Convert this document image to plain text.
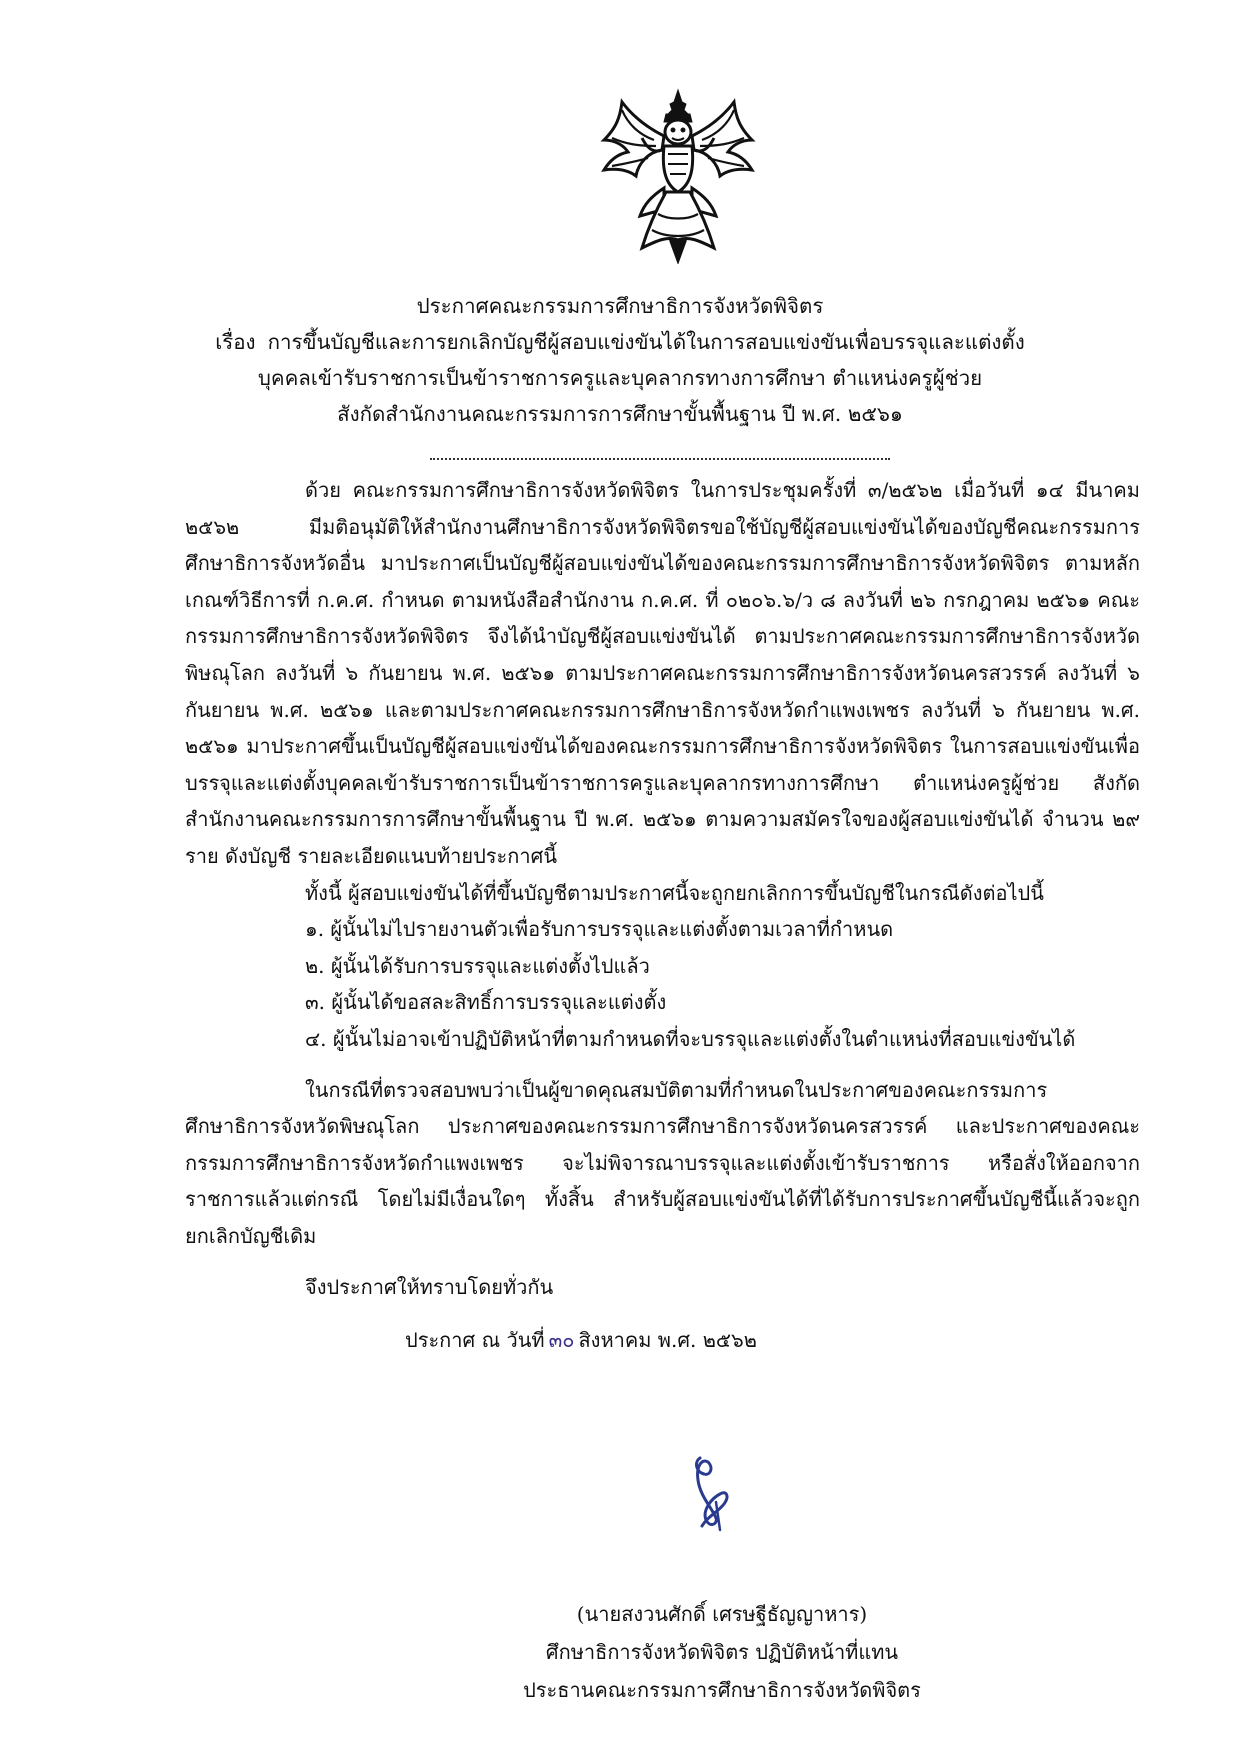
ประกาศคณะกรรมการศึกษาธิการจังหวัดพิจิตร
เรื่อง การขึ้นบัญชีและการยกเลิกบัญชีผู้สอบแข่งขันได้ในการสอบแข่งขันเพื่อบรรจุและแต่งตั้ง
บุคคลเข้ารับราชการเป็นข้าราชการครูและบุคลากรทางการศึกษา ตำแหน่งครูผู้ช่วย
สังกัดสำนักงานคณะกรรมการการศึกษาขั้นพื้นฐาน ปี พ.ศ. ๒๕๖๑

ด้วย คณะกรรมการศึกษาธิการจังหวัดพิจิตร ในการประชุมครั้งที่ ๓/๒๕๖๒ เมื่อวันที่ ๑๔ มีนาคม ๒๕๖๒ มีมติอนุมัติให้สำนักงานศึกษาธิการจังหวัดพิจิตรขอใช้บัญชีผู้สอบแข่งขันได้ของบัญชีคณะกรรมการศึกษาธิการจังหวัดอื่น มาประกาศเป็นบัญชีผู้สอบแข่งขันได้ของคณะกรรมการศึกษาธิการจังหวัดพิจิตร ตามหลักเกณฑ์วิธีการที่ ก.ค.ศ. กำหนด ตามหนังสือสำนักงาน ก.ค.ศ. ที่ ๐๒๐๖.๖/ว ๘ ลงวันที่ ๒๖ กรกฎาคม ๒๕๖๑ คณะกรรมการศึกษาธิการจังหวัดพิจิตร จึงได้นำบัญชีผู้สอบแข่งขันได้ ตามประกาศคณะกรรมการศึกษาธิการจังหวัดพิษณุโลก ลงวันที่ ๖ กันยายน พ.ศ. ๒๕๖๑ ตามประกาศคณะกรรมการศึกษาธิการจังหวัดนครสวรรค์ ลงวันที่ ๖ กันยายน พ.ศ. ๒๕๖๑ และตามประกาศคณะกรรมการศึกษาธิการจังหวัดกำแพงเพชร ลงวันที่ ๖ กันยายน พ.ศ. ๒๕๖๑ มาประกาศขึ้นเป็นบัญชีผู้สอบแข่งขันได้ของคณะกรรมการศึกษาธิการจังหวัดพิจิตร ในการสอบแข่งขันเพื่อบรรจุและแต่งตั้งบุคคลเข้ารับราชการเป็นข้าราชการครูและบุคลากรทางการศึกษา ตำแหน่งครูผู้ช่วย สังกัดสำนักงานคณะกรรมการการศึกษาขั้นพื้นฐาน ปี พ.ศ. ๒๕๖๑ ตามความสมัครใจของผู้สอบแข่งขันได้ จำนวน ๒๙ ราย ดังบัญชี รายละเอียดแนบท้ายประกาศนี้

ทั้งนี้ ผู้สอบแข่งขันได้ที่ขึ้นบัญชีตามประกาศนี้จะถูกยกเลิกการขึ้นบัญชีในกรณีดังต่อไปนี้

๑. ผู้นั้นไม่ไปรายงานตัวเพื่อรับการบรรจุและแต่งตั้งตามเวลาที่กำหนด
๒. ผู้นั้นได้รับการบรรจุและแต่งตั้งไปแล้ว
๓. ผู้นั้นได้ขอสละสิทธิ์การบรรจุและแต่งตั้ง
๔. ผู้นั้นไม่อาจเข้าปฏิบัติหน้าที่ตามกำหนดที่จะบรรจุและแต่งตั้งในตำแหน่งที่สอบแข่งขันได้

ในกรณีที่ตรวจสอบพบว่าเป็นผู้ขาดคุณสมบัติตามที่กำหนดในประกาศของคณะกรรมการศึกษาธิการจังหวัดพิษณุโลก ประกาศของคณะกรรมการศึกษาธิการจังหวัดนครสวรรค์ และประกาศของคณะกรรมการศึกษาธิการจังหวัดกำแพงเพชร จะไม่พิจารณาบรรจุและแต่งตั้งเข้ารับราชการ หรือสั่งให้ออกจากราชการแล้วแต่กรณี โดยไม่มีเงื่อนใดๆ ทั้งสิ้น สำหรับผู้สอบแข่งขันได้ที่ได้รับการประกาศขึ้นบัญชีนี้แล้วจะถูกยกเลิกบัญชีเดิม

จึงประกาศให้ทราบโดยทั่วกัน

ประกาศ ณ วันที่ ๓๐ สิงหาคม พ.ศ. ๒๕๖๒

(นายสงวนศักดิ์ เศรษฐีธัญญาหาร)
ศึกษาธิการจังหวัดพิจิตร ปฏิบัติหน้าที่แทน
ประธานคณะกรรมการศึกษาธิการจังหวัดพิจิตร
